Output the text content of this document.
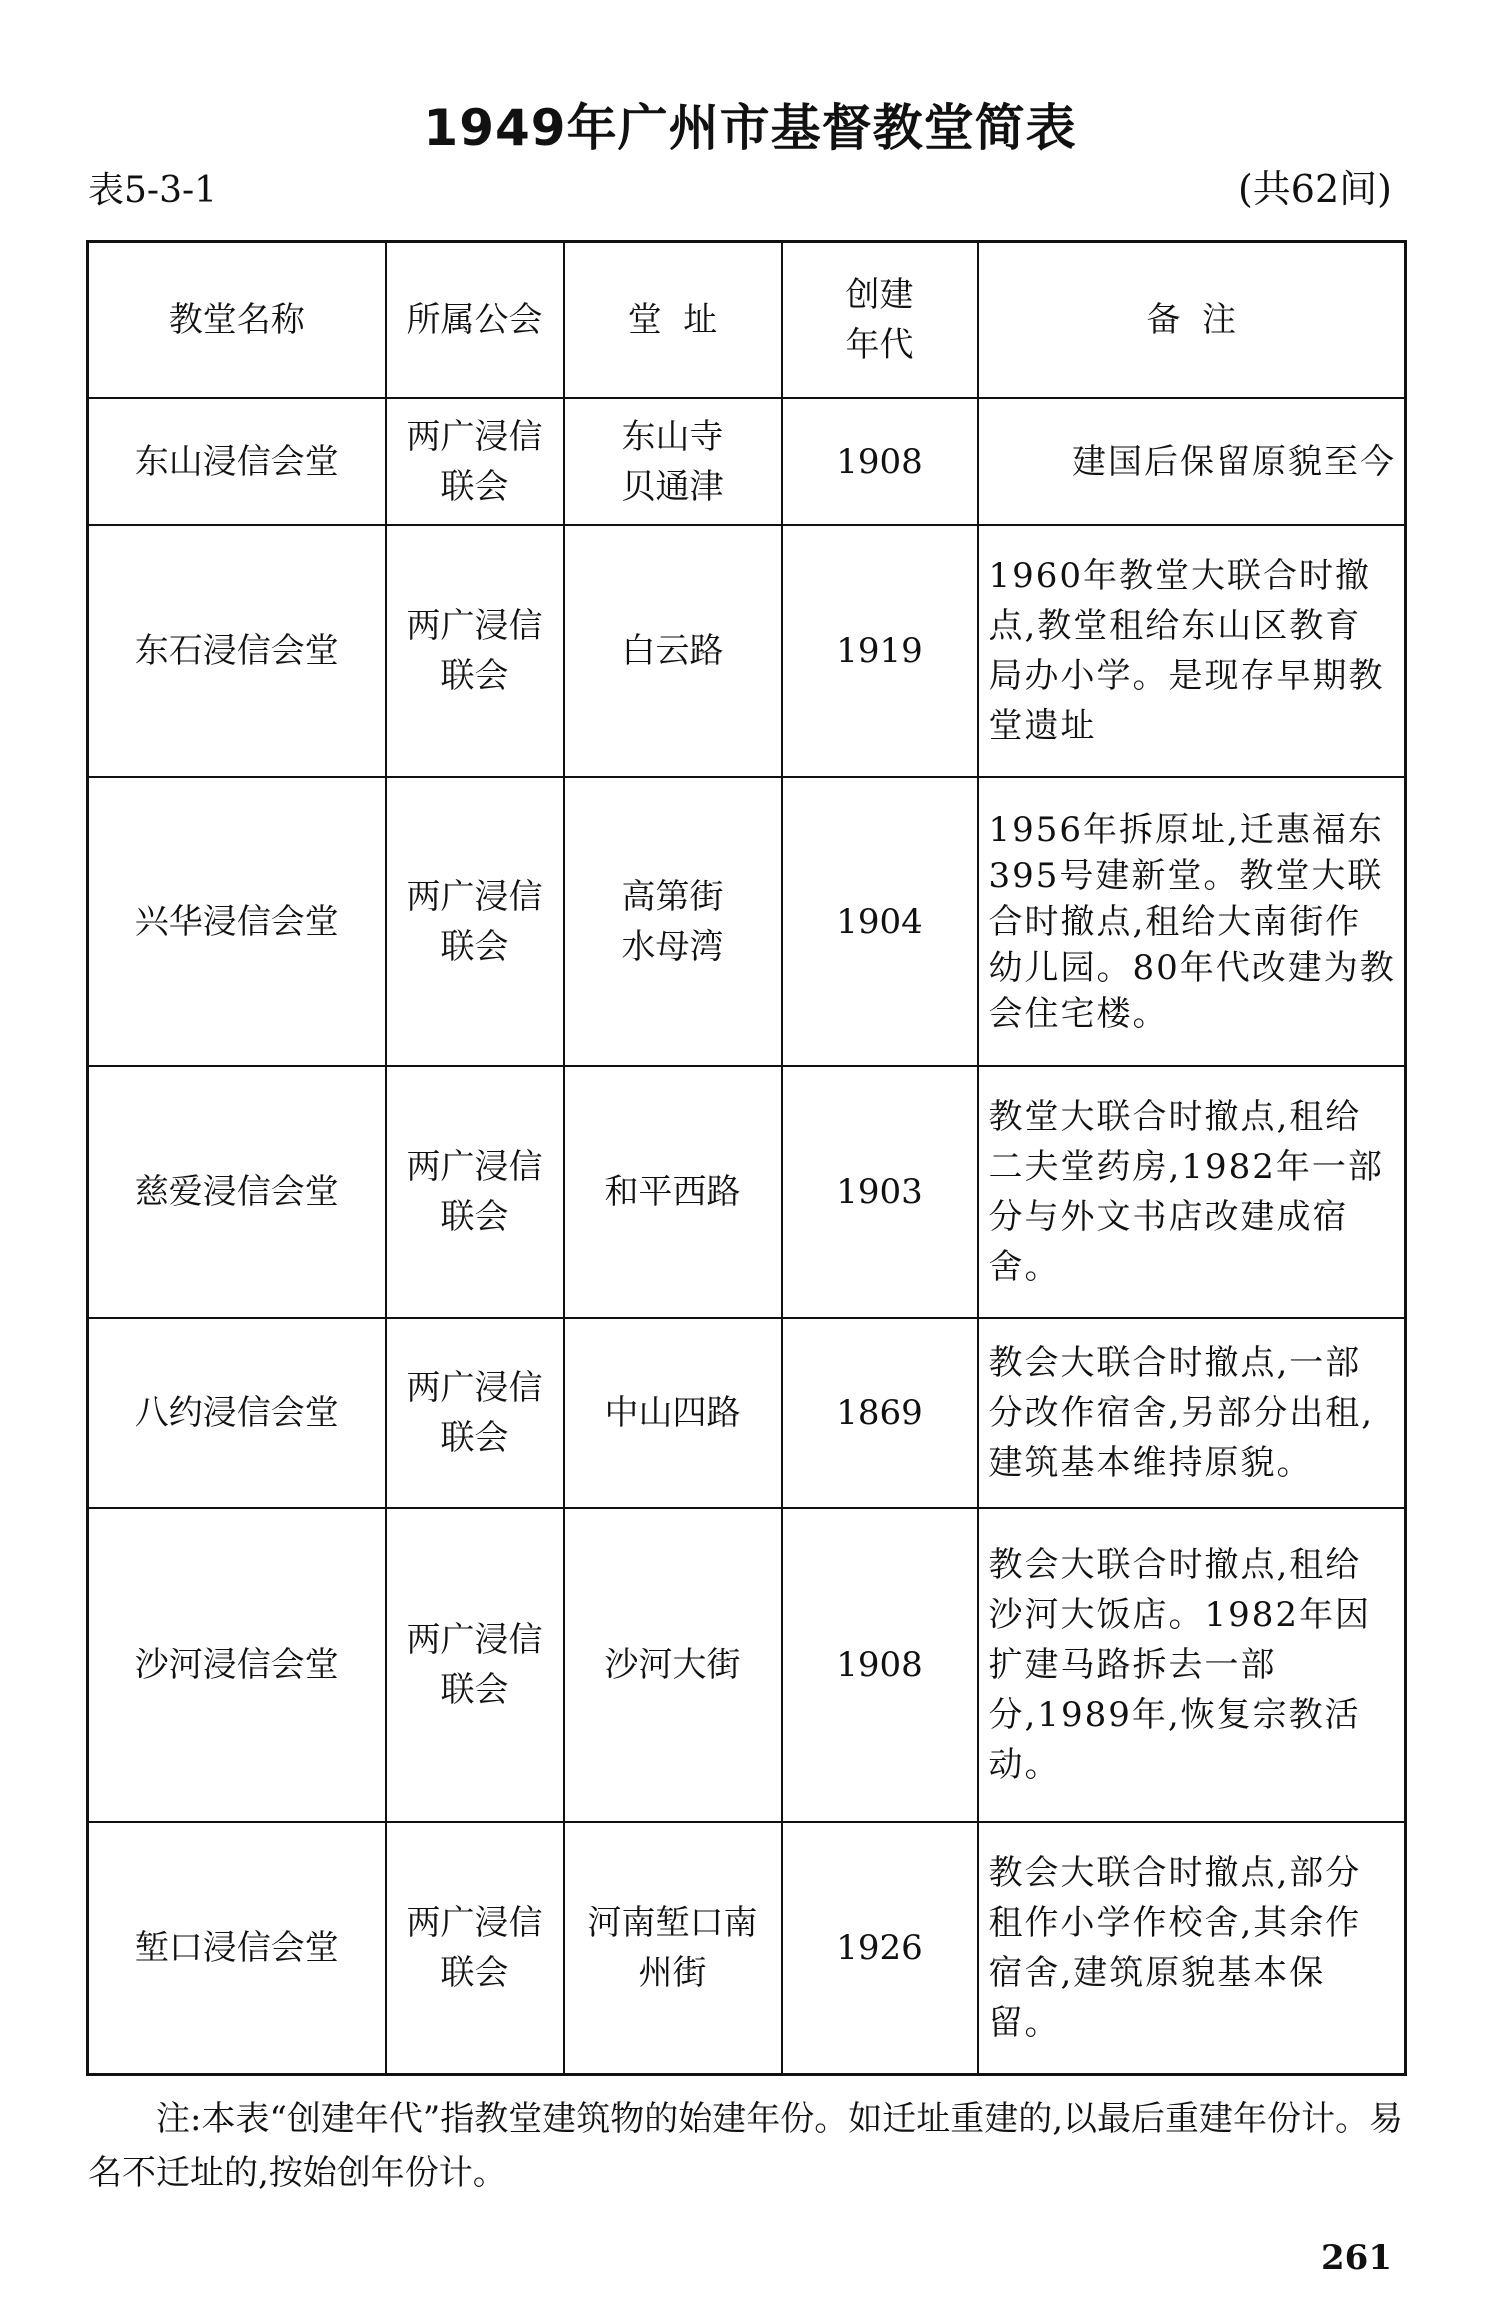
1949年广州市基督教堂简表
表5-3-1	(共62间)
教堂名称	所属公会	堂  址	创建年代	备  注
东山浸信会堂	两广浸信联会	东山寺贝通津	1908	建国后保留原貌至今
东石浸信会堂	两广浸信联会	白云路	1919	1960年教堂大联合时撤点,教堂租给东山区教育局办小学。是现存早期教堂遗址
兴华浸信会堂	两广浸信联会	高第街水母湾	1904	1956年拆原址,迁惠福东395号建新堂。教堂大联合时撤点,租给大南街作幼儿园。80年代改建为教会住宅楼。
慈爱浸信会堂	两广浸信联会	和平西路	1903	教堂大联合时撤点,租给二夫堂药房,1982年一部分与外文书店改建成宿舍。
八约浸信会堂	两广浸信联会	中山四路	1869	教会大联合时撤点,一部分改作宿舍,另部分出租,建筑基本维持原貌。
沙河浸信会堂	两广浸信联会	沙河大街	1908	教会大联合时撤点,租给沙河大饭店。1982年因扩建马路拆去一部分,1989年,恢复宗教活动。
堑口浸信会堂	两广浸信联会	河南堑口南州街	1926	教会大联合时撤点,部分租作小学作校舍,其余作宿舍,建筑原貌基本保留。
注:本表“创建年代”指教堂建筑物的始建年份。如迁址重建的,以最后重建年份计。易名不迁址的,按始创年份计。
261
